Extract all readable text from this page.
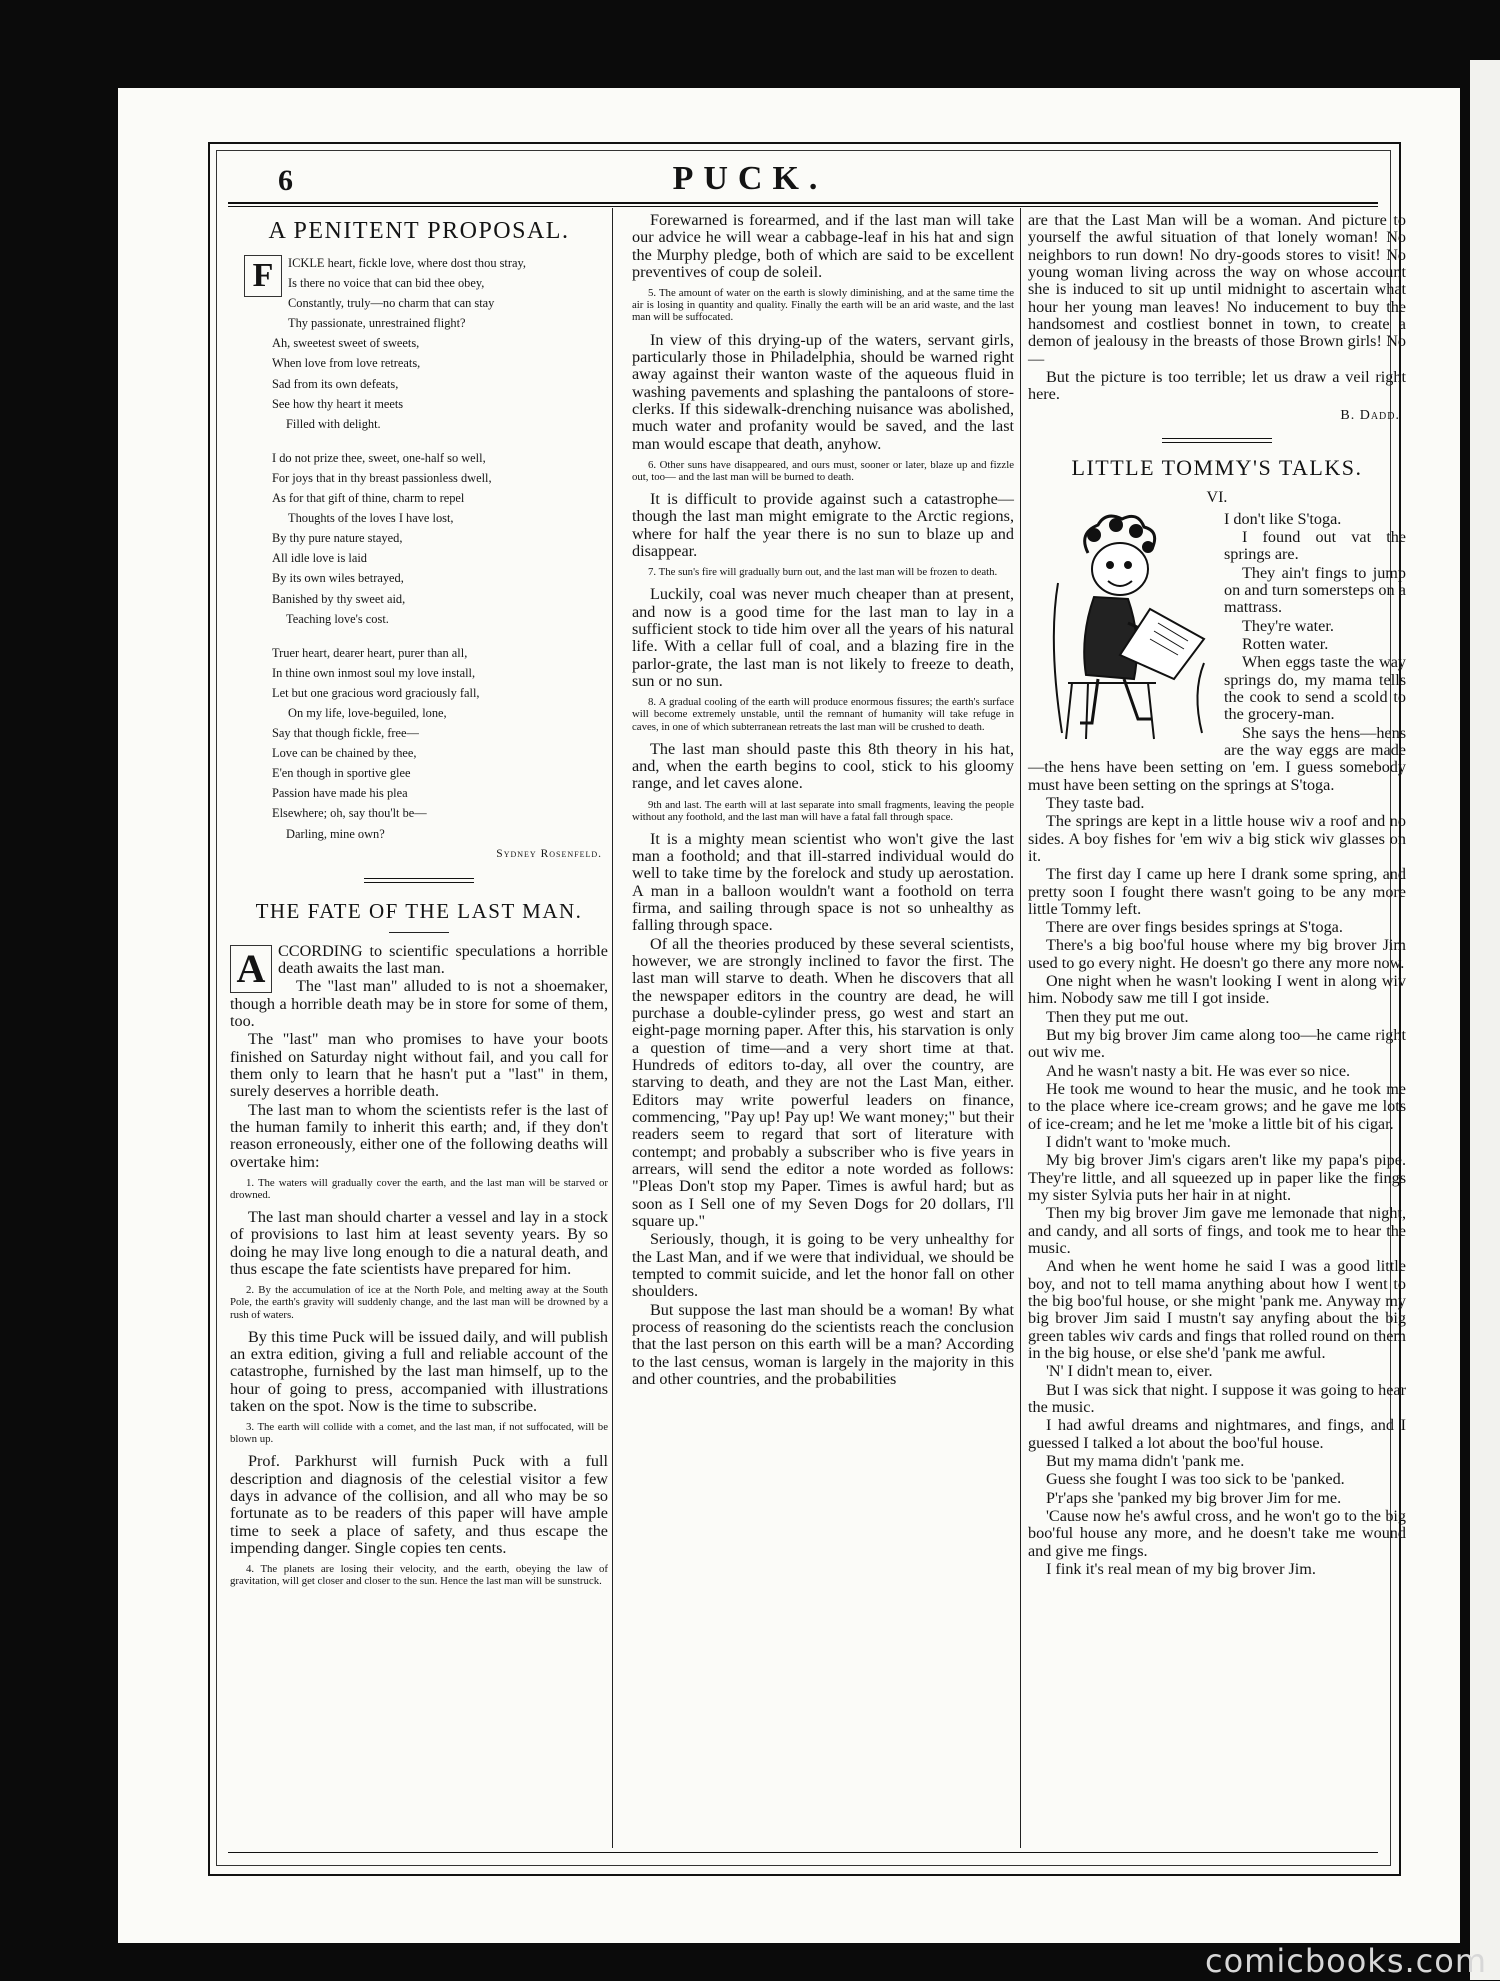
6	PUCK.
A PENITENT PROPOSAL.
F	ICKLE heart, fickle love, where dost thou stray,
Is there no voice that can bid thee obey,
Constantly, truly—no charm that can stay
Thy passionate, unrestrained flight?
Ah, sweetest sweet of sweets,
When love from love retreats,
Sad from its own defeats,
See how thy heart it meets
Filled with delight.
I do not prize thee, sweet, one-half so well,
For joys that in thy breast passionless dwell,
As for that gift of thine, charm to repel
Thoughts of the loves I have lost,
By thy pure nature stayed,
All idle love is laid
By its own wiles betrayed,
Banished by thy sweet aid,
Teaching love's cost.
Truer heart, dearer heart, purer than all,
In thine own inmost soul my love install,
Let but one gracious word graciously fall,
On my life, love-beguiled, lone,
Say that though fickle, free—
Love can be chained by thee,
E'en though in sportive glee
Passion have made his plea
Elsewhere; oh, say thou'lt be—
Darling, mine own?
Sydney Rosenfeld.
THE FATE OF THE LAST MAN.

A CCORDING to scientific speculations a horrible death awaits the last man.

The "last man" alluded to is not a shoemaker, though a horrible death may be in store for some of them, too.

The "last" man who promises to have your boots finished on Saturday night without fail, and you call for them only to learn that he hasn't put a "last" in them, surely deserves a horrible death.

The last man to whom the scientists refer is the last of the human family to inherit this earth; and, if they don't reason erroneously, either one of the following deaths will overtake him:

1. The waters will gradually cover the earth, and the last man will be starved or drowned.

The last man should charter a vessel and lay in a stock of provisions to last him at least seventy years. By so doing he may live long enough to die a natural death, and thus escape the fate scientists have prepared for him.

2. By the accumulation of ice at the North Pole, and melting away at the South Pole, the earth's gravity will suddenly change, and the last man will be drowned by a rush of waters.

By this time Puck will be issued daily, and will publish an extra edition, giving a full and reliable account of the catastrophe, furnished by the last man himself, up to the hour of going to press, accompanied with illustrations taken on the spot. Now is the time to subscribe.

3. The earth will collide with a comet, and the last man, if not suffocated, will be blown up.

Prof. Parkhurst will furnish Puck with a full description and diagnosis of the celestial visitor a few days in advance of the collision, and all who may be so fortunate as to be readers of this paper will have ample time to seek a place of safety, and thus escape the impending danger. Single copies ten cents.

4. The planets are losing their velocity, and the earth, obeying the law of gravitation, will get closer and closer to the sun. Hence the last man will be sunstruck.

Forewarned is forearmed, and if the last man will take our advice he will wear a cabbage-leaf in his hat and sign the Murphy pledge, both of which are said to be excellent preventives of coup de soleil.

5. The amount of water on the earth is slowly diminishing, and at the same time the air is losing in quantity and quality. Finally the earth will be an arid waste, and the last man will be suffocated.

In view of this drying-up of the waters, servant girls, particularly those in Philadelphia, should be warned right away against their wanton waste of the aqueous fluid in washing pavements and splashing the pantaloons of store-clerks. If this sidewalk-drenching nuisance was abolished, much water and profanity would be saved, and the last man would escape that death, anyhow.

6. Other suns have disappeared, and ours must, sooner or later, blaze up and fizzle out, too— and the last man will be burned to death.

It is difficult to provide against such a catastrophe—though the last man might emigrate to the Arctic regions, where for half the year there is no sun to blaze up and disappear.

7. The sun's fire will gradually burn out, and the last man will be frozen to death.

Luckily, coal was never much cheaper than at present, and now is a good time for the last man to lay in a sufficient stock to tide him over all the years of his natural life. With a cellar full of coal, and a blazing fire in the parlor-grate, the last man is not likely to freeze to death, sun or no sun.

8. A gradual cooling of the earth will produce enormous fissures; the earth's surface will become extremely unstable, until the remnant of humanity will take refuge in caves, in one of which subterranean retreats the last man will be crushed to death.

The last man should paste this 8th theory in his hat, and, when the earth begins to cool, stick to his gloomy range, and let caves alone.

9th and last. The earth will at last separate into small fragments, leaving the people without any foothold, and the last man will have a fatal fall through space.

It is a mighty mean scientist who won't give the last man a foothold; and that ill-starred individual would do well to take time by the forelock and study up aerostation. A man in a balloon wouldn't want a foothold on terra firma, and sailing through space is not so unhealthy as falling through space.

Of all the theories produced by these several scientists, however, we are strongly inclined to favor the first. The last man will starve to death. When he discovers that all the newspaper editors in the country are dead, he will purchase a double-cylinder press, go west and start an eight-page morning paper. After this, his starvation is only a question of time—and a very short time at that. Hundreds of editors to-day, all over the country, are starving to death, and they are not the Last Man, either. Editors may write powerful leaders on finance, commencing, "Pay up! Pay up! We want money;" but their readers seem to regard that sort of literature with contempt; and probably a subscriber who is five years in arrears, will send the editor a note worded as follows: "Pleas Don't stop my Paper. Times is awful hard; but as soon as I Sell one of my Seven Dogs for 20 dollars, I'll square up."

Seriously, though, it is going to be very unhealthy for the Last Man, and if we were that individual, we should be tempted to commit suicide, and let the honor fall on other shoulders.

But suppose the last man should be a woman! By what process of reasoning do the scientists reach the conclusion that the last person on this earth will be a man? According to the last census, woman is largely in the majority in this and other countries, and the probabilities

are that the Last Man will be a woman. And picture to yourself the awful situation of that lonely woman! No neighbors to run down! No dry-goods stores to visit! No young woman living across the way on whose account she is induced to sit up until midnight to ascertain what hour her young man leaves! No inducement to buy the handsomest and costliest bonnet in town, to create a demon of jealousy in the breasts of those Brown girls! No—

But the picture is too terrible; let us draw a veil right here.

B. Dadd.
LITTLE TOMMY'S TALKS.
VI.

I don't like S'toga.

I found out vat the springs are.

They ain't fings to jump on and turn somersteps on a mattrass.

They're water.

Rotten water.

When eggs taste the way springs do, my mama tells the cook to send a scold to the grocery-man.

She says the hens—hens are the way eggs are made—the hens have been setting on 'em. I guess somebody must have been setting on the springs at S'toga.

They taste bad.

The springs are kept in a little house wiv a roof and no sides. A boy fishes for 'em wiv a big stick wiv glasses on it.

The first day I came up here I drank some spring, and pretty soon I fought there wasn't going to be any more little Tommy left.

There are over fings besides springs at S'toga.

There's a big boo'ful house where my big brover Jim used to go every night. He doesn't go there any more now.

One night when he wasn't looking I went in along wiv him. Nobody saw me till I got inside.

Then they put me out.

But my big brover Jim came along too—he came right out wiv me.

And he wasn't nasty a bit. He was ever so nice.

He took me wound to hear the music, and he took me to the place where ice-cream grows; and he gave me lots of ice-cream; and he let me 'moke a little bit of his cigar.

I didn't want to 'moke much.

My big brover Jim's cigars aren't like my papa's pipe. They're little, and all squeezed up in paper like the fings my sister Sylvia puts her hair in at night.

Then my big brover Jim gave me lemonade that night, and candy, and all sorts of fings, and took me to hear the music.

And when he went home he said I was a good little boy, and not to tell mama anything about how I went to the big boo'ful house, or she might 'pank me. Anyway my big brover Jim said I mustn't say anyfing about the big green tables wiv cards and fings that rolled round on them in the big house, or else she'd 'pank me awful.

'N' I didn't mean to, eiver.

But I was sick that night. I suppose it was going to hear the music.

I had awful dreams and nightmares, and fings, and I guessed I talked a lot about the boo'ful house.

But my mama didn't 'pank me.

Guess she fought I was too sick to be 'panked.

P'r'aps she 'panked my big brover Jim for me.

'Cause now he's awful cross, and he won't go to the big boo'ful house any more, and he doesn't take me wound and give me fings.

I fink it's real mean of my big brover Jim.

comicbooks.com
